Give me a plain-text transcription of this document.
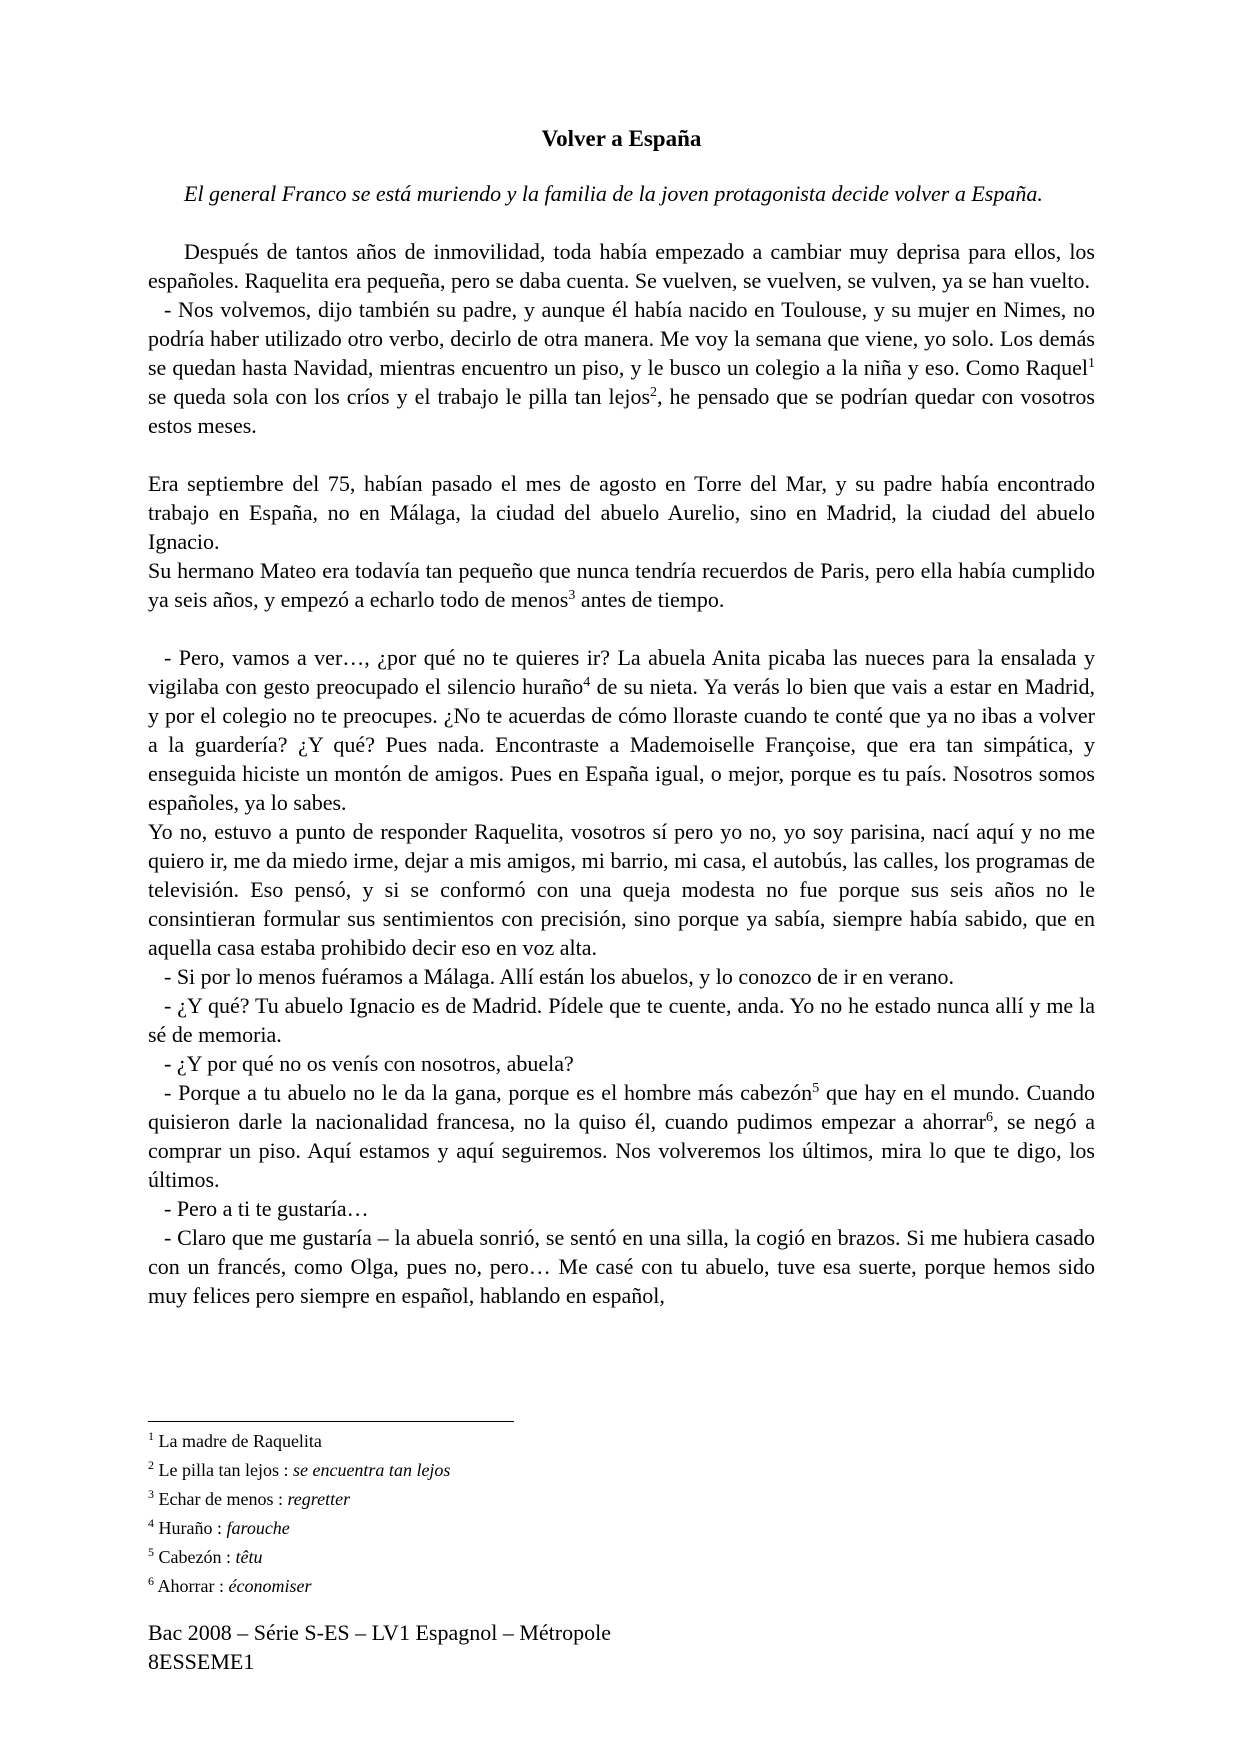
Volver a España

El general Franco se está muriendo y la familia de la joven protagonista decide volver a España.

Después de tantos años de inmovilidad, toda había empezado a cambiar muy deprisa para ellos, los españoles. Raquelita era pequeña, pero se daba cuenta. Se vuelven, se vuelven, se vulven, ya se han vuelto.

- Nos volvemos, dijo también su padre, y aunque él había nacido en Toulouse, y su mujer en Nimes, no podría haber utilizado otro verbo, decirlo de otra manera. Me voy la semana que viene, yo solo. Los demás se quedan hasta Navidad, mientras encuentro un piso, y le busco un colegio a la niña y eso. Como Raquel$^1$ se queda sola con los críos y el trabajo le pilla tan lejos$^2$, he pensado que se podrían quedar con vosotros estos meses.

Era septiembre del 75, habían pasado el mes de agosto en Torre del Mar, y su padre había encontrado trabajo en España, no en Málaga, la ciudad del abuelo Aurelio, sino en Madrid, la ciudad del abuelo Ignacio.

Su hermano Mateo era todavía tan pequeño que nunca tendría recuerdos de Paris, pero ella había cumplido ya seis años, y empezó a echarlo todo de menos$^3$ antes de tiempo.

- Pero, vamos a ver…, ¿por qué no te quieres ir? La abuela Anita picaba las nueces para la ensalada y vigilaba con gesto preocupado el silencio huraño$^4$ de su nieta. Ya verás lo bien que vais a estar en Madrid, y por el colegio no te preocupes. ¿No te acuerdas de cómo lloraste cuando te conté que ya no ibas a volver a la guardería? ¿Y qué? Pues nada. Encontraste a Mademoiselle Françoise, que era tan simpática, y enseguida hiciste un montón de amigos. Pues en España igual, o mejor, porque es tu país. Nosotros somos españoles, ya lo sabes.

Yo no, estuvo a punto de responder Raquelita, vosotros sí pero yo no, yo soy parisina, nací aquí y no me quiero ir, me da miedo irme, dejar a mis amigos, mi barrio, mi casa, el autobús, las calles, los programas de televisión. Eso pensó, y si se conformó con una queja modesta no fue porque sus seis años no le consintieran formular sus sentimientos con precisión, sino porque ya sabía, siempre había sabido, que en aquella casa estaba prohibido decir eso en voz alta.

- Si por lo menos fuéramos a Málaga. Allí están los abuelos, y lo conozco de ir en verano.

- ¿Y qué? Tu abuelo Ignacio es de Madrid. Pídele que te cuente, anda. Yo no he estado nunca allí y me la sé de memoria.

- ¿Y por qué no os venís con nosotros, abuela?

- Porque a tu abuelo no le da la gana, porque es el hombre más cabezón$^5$ que hay en el mundo. Cuando quisieron darle la nacionalidad francesa, no la quiso él, cuando pudimos empezar a ahorrar$^6$, se negó a comprar un piso. Aquí estamos y aquí seguiremos. Nos volveremos los últimos, mira lo que te digo, los últimos.

- Pero a ti te gustaría…

- Claro que me gustaría – la abuela sonrió, se sentó en una silla, la cogió en brazos. Si me hubiera casado con un francés, como Olga, pues no, pero… Me casé con tu abuelo, tuve esa suerte, porque hemos sido muy felices pero siempre en español, hablando en español,

$^1$ La madre de Raquelita
$^2$ Le pilla tan lejos : se encuentra tan lejos
$^3$ Echar de menos : regretter
$^4$ Huraño : farouche
$^5$ Cabezón : têtu
$^6$ Ahorrar : économiser
Bac 2008 – Série S-ES – LV1 Espagnol – Métropole
8ESSEME1
